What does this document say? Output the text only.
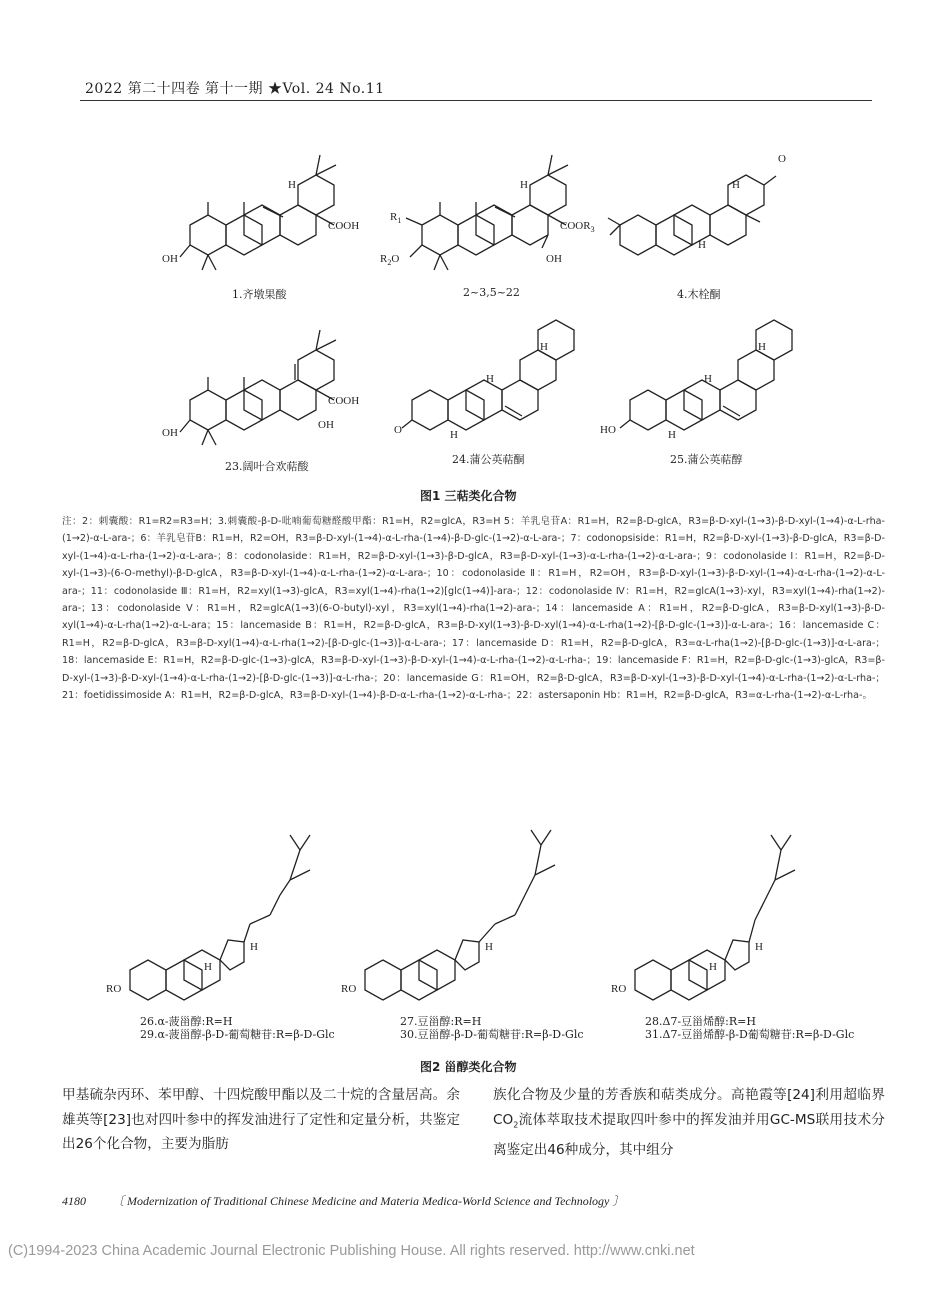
2022 第二十四卷 第十一期 ★Vol. 24 No.11
COOH
OH
H
1.齐墩果酸
$COOR_3$
OH
$R_1$
$R_2O$
H
2~3,5~22
O
H
H
4.木栓酮
COOH
OH
OH
23.阔叶合欢萜酸
O
H
H
H
24.蒲公英萜酮
HO
H
H
H
25.蒲公英萜醇
图1 三萜类化合物
注：2：刺囊酸：R1=R2=R3=H；3.刺囊酸-β-D-吡喃葡萄糖醛酸甲酯：R1=H，R2=glcA，R3=H 5：羊乳皂苷A：R1=H，R2=β-D-glcA，R3=β-D-xyl-(1→3)-β-D-xyl-(1→4)-α-L-rha-(1→2)-α-L-ara-；6：羊乳皂苷B：R1=H，R2=OH，R3=β-D-xyl-(1→4)-α-L-rha-(1→4)-β-D-glc-(1→2)-α-L-ara-；7：codonopsiside：R1=H，R2=β-D-xyl-(1→3)-β-D-glcA，R3=β-D-xyl-(1→4)-α-L-rha-(1→2)-α-L-ara-；8：codonolaside：R1=H，R2=β-D-xyl-(1→3)-β-D-glcA，R3=β-D-xyl-(1→3)-α-L-rha-(1→2)-α-L-ara-；9：codonolaside Ⅰ：R1=H，R2=β-D-xyl-(1→3)-(6-O-methyl)-β-D-glcA，R3=β-D-xyl-(1→4)-α-L-rha-(1→2)-α-L-ara-；10：codonolaside Ⅱ：R1=H，R2=OH，R3=β-D-xyl-(1→3)-β-D-xyl-(1→4)-α-L-rha-(1→2)-α-L-ara-；11：codonolaside Ⅲ：R1=H，R2=xyl(1→3)-glcA，R3=xyl(1→4)-rha(1→2)[glc(1→4)]-ara-；12：codonolaside Ⅳ：R1=H，R2=glcA(1→3)-xyl，R3=xyl(1→4)-rha(1→2)-ara-；13：codonolaside Ⅴ：R1=H，R2=glcA(1→3)(6-O-butyl)-xyl，R3=xyl(1→4)-rha(1→2)-ara-；14：lancemaside A：R1=H，R2=β-D-glcA，R3=β-D-xyl(1→3)-β-D-xyl(1→4)-α-L-rha(1→2)-α-L-ara；15：lancemaside B：R1=H，R2=β-D-glcA，R3=β-D-xyl(1→3)-β-D-xyl(1→4)-α-L-rha(1→2)-[β-D-glc-(1→3)]-α-L-ara-；16：lancemaside C：R1=H，R2=β-D-glcA，R3=β-D-xyl(1→4)-α-L-rha(1→2)-[β-D-glc-(1→3)]-α-L-ara-；17：lancemaside D：R1=H，R2=β-D-glcA，R3=α-L-rha(1→2)-[β-D-glc-(1→3)]-α-L-ara-；18：lancemaside E：R1=H，R2=β-D-glc-(1→3)-glcA，R3=β-D-xyl-(1→3)-β-D-xyl-(1→4)-α-L-rha-(1→2)-α-L-rha-；19：lancemaside F：R1=H，R2=β-D-glc-(1→3)-glcA，R3=β-D-xyl-(1→3)-β-D-xyl-(1→4)-α-L-rha-(1→2)-[β-D-glc-(1→3)]-α-L-rha-；20：lancemaside G：R1=OH，R2=β-D-glcA，R3=β-D-xyl-(1→3)-β-D-xyl-(1→4)-α-L-rha-(1→2)-α-L-rha-；21：foetidissimoside A：R1=H，R2=β-D-glcA，R3=β-D-xyl-(1→4)-β-D-α-L-rha-(1→2)-α-L-rha-；22：astersaponin Hb：R1=H，R2=β-D-glcA，R3=α-L-rha-(1→2)-α-L-rha-。
RO
H
H
26.α-菠甾醇:R=H
29.α-菠甾醇-β-D-葡萄糖苷:R=β-D-Glc
RO
H
27.豆甾醇:R=H
30.豆甾醇-β-D-葡萄糖苷:R=β-D-Glc
RO
H
H
28.Δ7-豆甾烯醇:R=H
31.Δ7-豆甾烯醇-β-D葡萄糖苷:R=β-D-Glc
图2 甾醇类化合物
甲基硫杂丙环、苯甲醇、十四烷酸甲酯以及二十烷的含量居高。余雄英等[23]也对四叶参中的挥发油进行了定性和定量分析，共鉴定出26个化合物，主要为脂肪
族化合物及少量的芳香族和萜类成分。高艳霞等[24]利用超临界$CO_2$流体萃取技术提取四叶参中的挥发油并用GC-MS联用技术分离鉴定出46种成分，其中组分
4180 〔 Modernization of Traditional Chinese Medicine and Materia Medica-World Science and Technology 〕
(C)1994-2023 China Academic Journal Electronic Publishing House. All rights reserved. http://www.cnki.net
